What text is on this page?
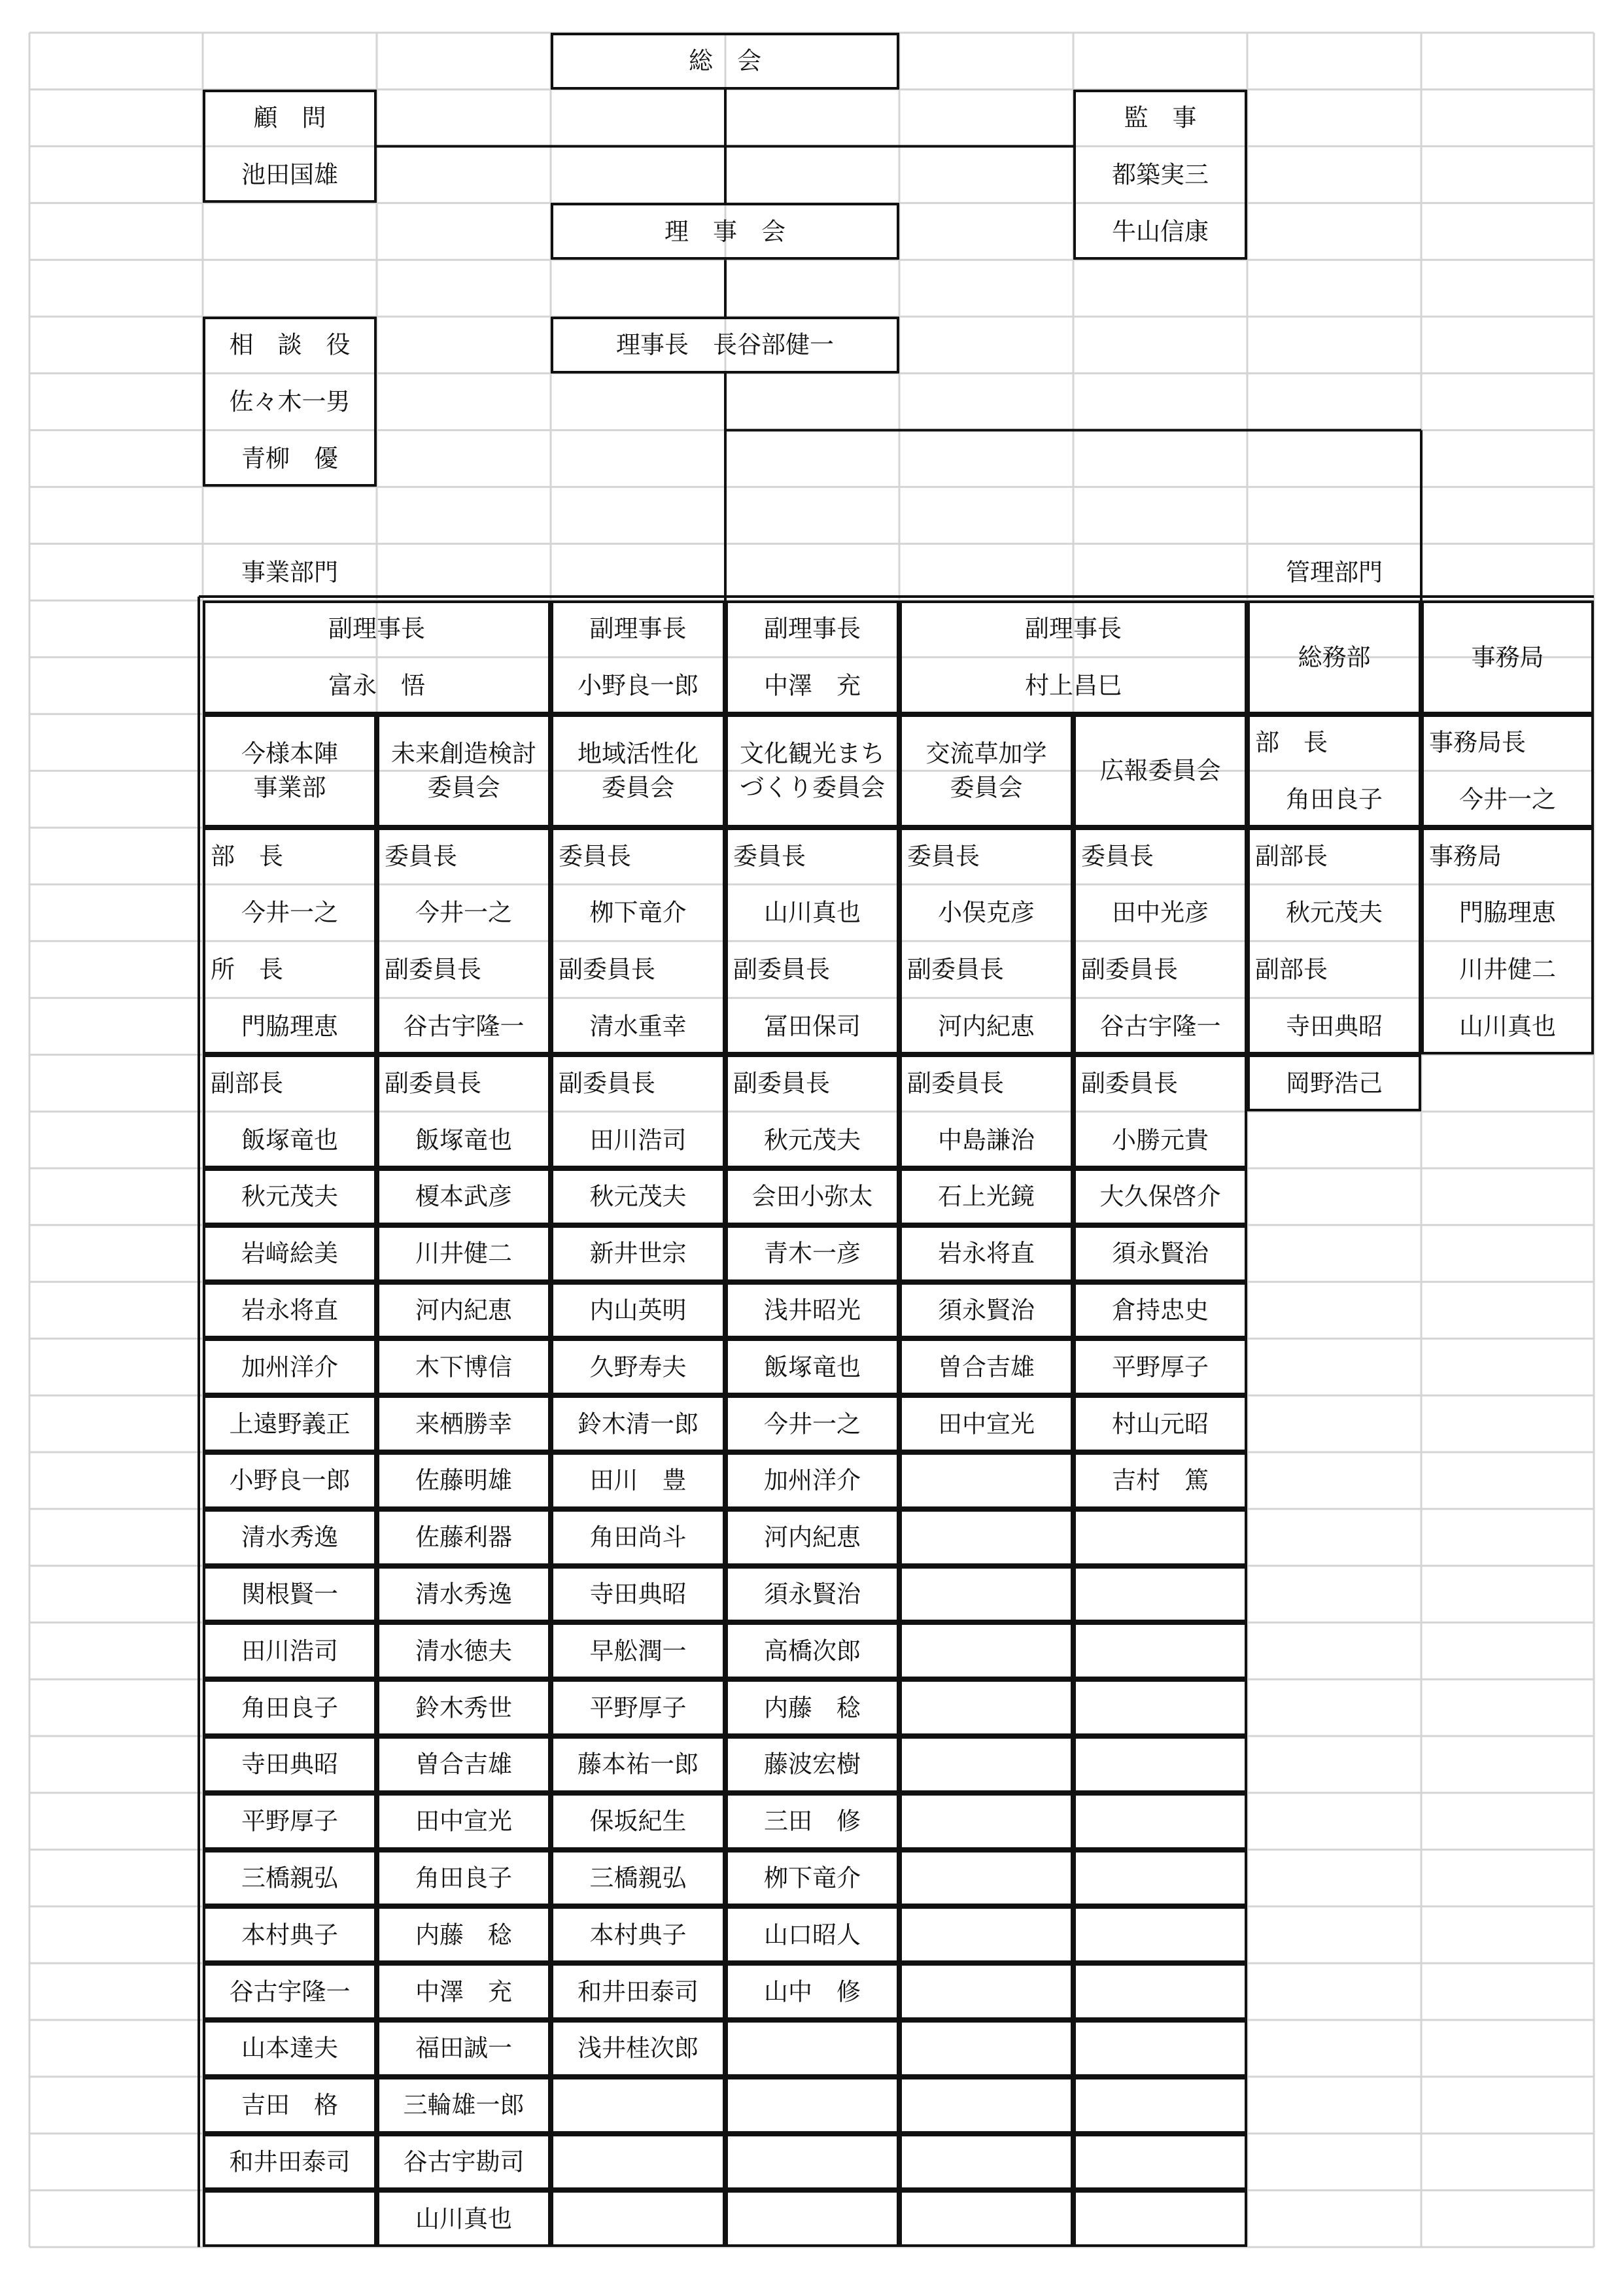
総　会
顧　問
池田国雄
監　事
都築実三
牛山信康
理　事　会
理事長　長谷部健一
相　談　役
佐々木一男
青柳　優
事業部門	管理部門
副理事長
富永　悟
副理事長
小野良一郎
副理事長
中澤　充
副理事長
村上昌巳
総務部	事務局
今様本陣
事業部
未来創造検討
委員会
地域活性化
委員会
文化観光まち
づくり委員会
交流草加学
委員会
広報委員会
部　長
角田良子
副部長
秋元茂夫
副部長
寺田典昭
岡野浩己
事務局長
今井一之
事務局
門脇理恵
川井健二
山川真也
部　長
今井一之
所　長
門脇理恵
副部長
飯塚竜也
秋元茂夫
岩﨑絵美
岩永将直
加州洋介
上遠野義正
小野良一郎
清水秀逸
関根賢一
田川浩司
角田良子
寺田典昭
平野厚子
三橋親弘
本村典子
谷古宇隆一
山本達夫
吉田　格
和井田泰司
委員長
今井一之
副委員長
谷古宇隆一
副委員長
飯塚竜也
榎本武彦
川井健二
河内紀恵
木下博信
来栖勝幸
佐藤明雄
佐藤利器
清水秀逸
清水徳夫
鈴木秀世
曽合吉雄
田中宣光
角田良子
内藤　稔
中澤　充
福田誠一
三輪雄一郎
谷古宇勘司
山川真也
委員長
栁下竜介
副委員長
清水重幸
副委員長
田川浩司
秋元茂夫
新井世宗
内山英明
久野寿夫
鈴木清一郎
田川　豊
角田尚斗
寺田典昭
早舩潤一
平野厚子
藤本祐一郎
保坂紀生
三橋親弘
本村典子
和井田泰司
浅井桂次郎
委員長
山川真也
副委員長
冨田保司
副委員長
秋元茂夫
会田小弥太
青木一彦
浅井昭光
飯塚竜也
今井一之
加州洋介
河内紀恵
須永賢治
高橋次郎
内藤　稔
藤波宏樹
三田　修
栁下竜介
山口昭人
山中　修
委員長
小俣克彦
副委員長
河内紀恵
副委員長
中島謙治
石上光鏡
岩永将直
須永賢治
曽合吉雄
田中宣光
委員長
田中光彦
副委員長
谷古宇隆一
副委員長
小勝元貴
大久保啓介
須永賢治
倉持忠史
平野厚子
村山元昭
吉村　篤
